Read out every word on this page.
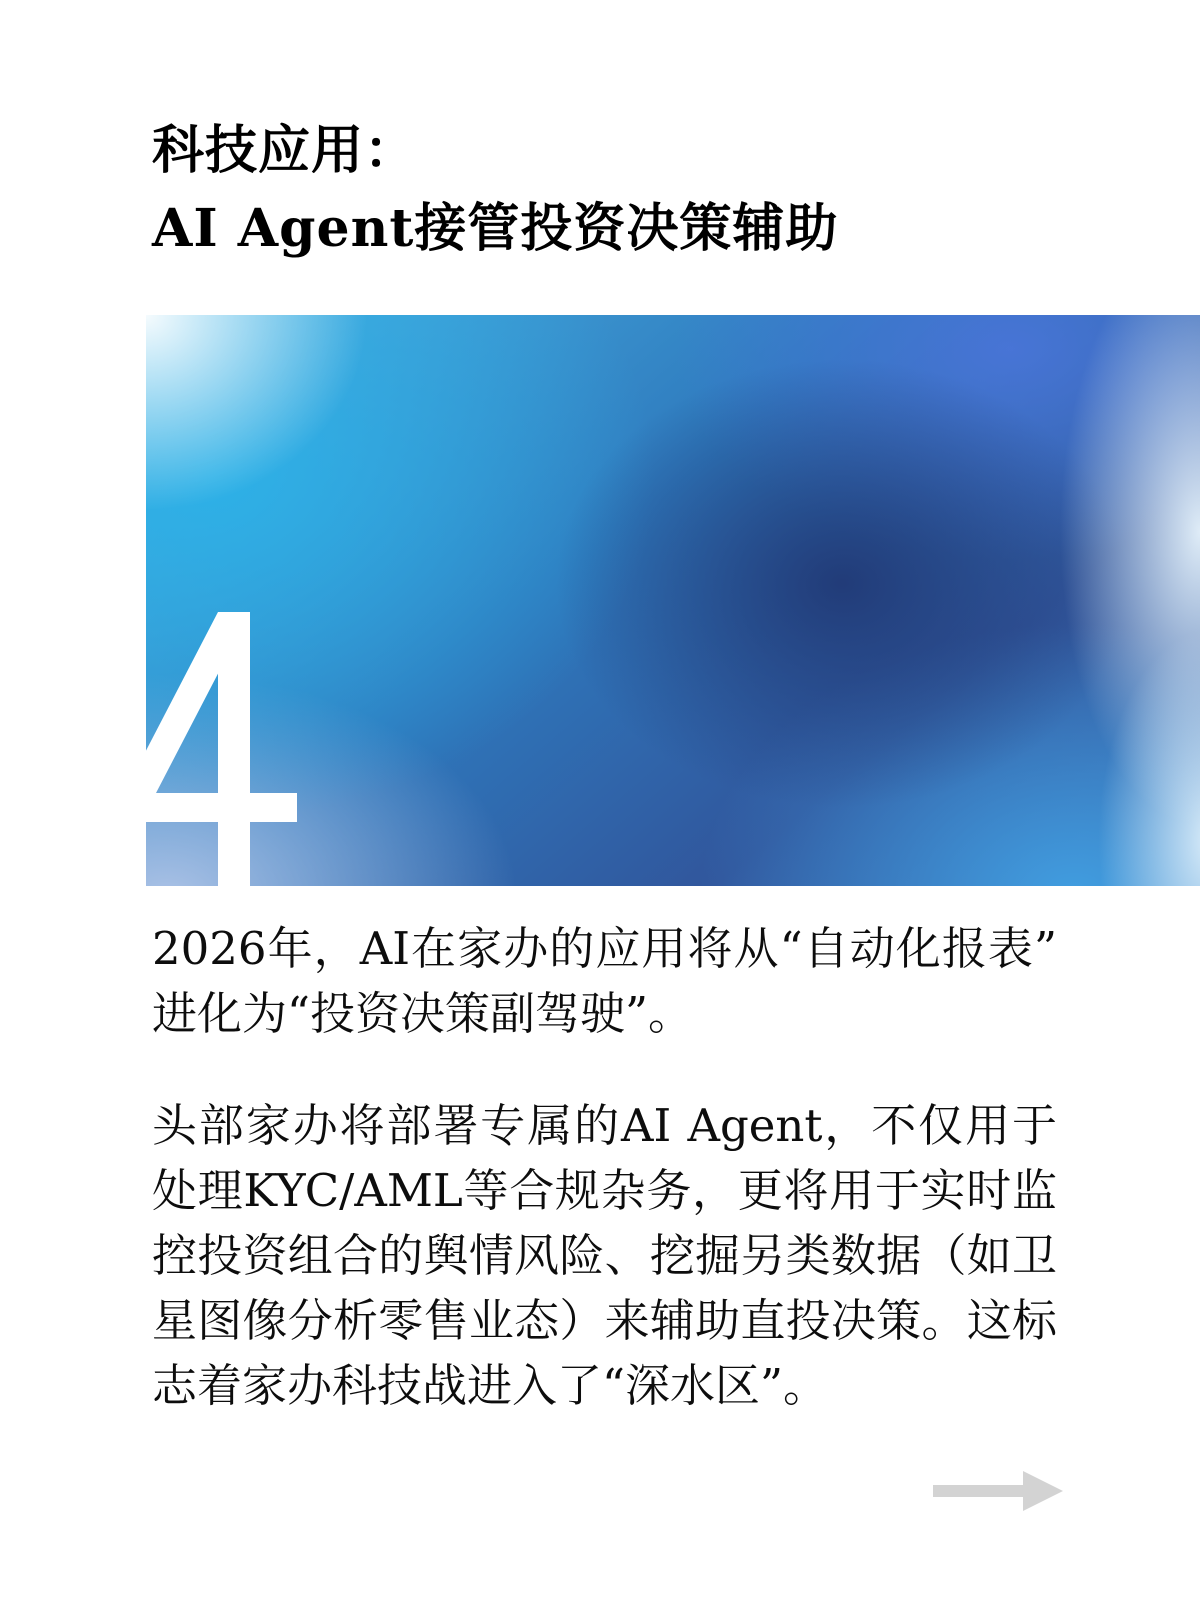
科技应用：
AI Agent接管投资决策辅助

2026年，AI在家办的应用将从“自动化报表”进化为“投资决策副驾驶”。

头部家办将部署专属的AI Agent，不仅用于处理KYC/AML等合规杂务，更将用于实时监控投资组合的舆情风险、挖掘另类数据（如卫星图像分析零售业态）来辅助直投决策。这标志着家办科技战进入了“深水区”。
